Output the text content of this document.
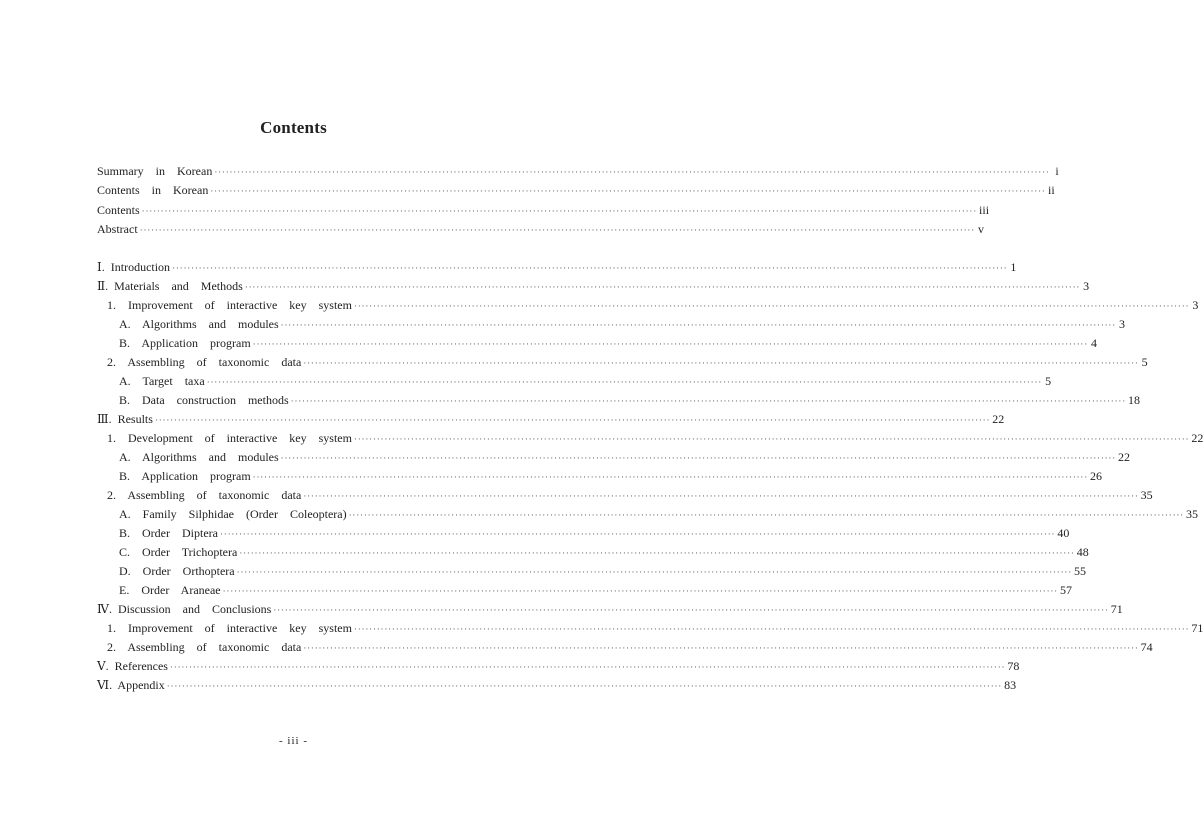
Contents
Summary  in  Korean ···························································································································································································································· i
Contents  in  Korean ···························································································································································································································· ii
Contents ···························································································································································································································· iii
Abstract ···························································································································································································································· v
Ⅰ. Introduction ···························································································································································································································· 1
Ⅱ. Materials  and  Methods ···························································································································································································································· 3
1.  Improvement  of  interactive  key  system ···························································································································································································································· 3
A.  Algorithms  and  modules ···························································································································································································································· 3
B.  Application  program ···························································································································································································································· 4
2.  Assembling  of  taxonomic  data ···························································································································································································································· 5
A.  Target  taxa ···························································································································································································································· 5
B.  Data  construction  methods ···························································································································································································································· 18
Ⅲ. Results ···························································································································································································································· 22
1.  Development  of  interactive  key  system ···························································································································································································································· 22
A.  Algorithms  and  modules ···························································································································································································································· 22
B.  Application  program ···························································································································································································································· 26
2.  Assembling  of  taxonomic  data ···························································································································································································································· 35
A.  Family  Silphidae  (Order  Coleoptera) ···························································································································································································································· 35
B.  Order  Diptera ···························································································································································································································· 40
C.  Order  Trichoptera ···························································································································································································································· 48
D.  Order  Orthoptera ···························································································································································································································· 55
E.  Order  Araneae ···························································································································································································································· 57
Ⅳ. Discussion  and  Conclusions ···························································································································································································································· 71
1.  Improvement  of  interactive  key  system ···························································································································································································································· 71
2.  Assembling  of  taxonomic  data ···························································································································································································································· 74
Ⅴ. References ···························································································································································································································· 78
Ⅵ. Appendix ···························································································································································································································· 83
- iii -
